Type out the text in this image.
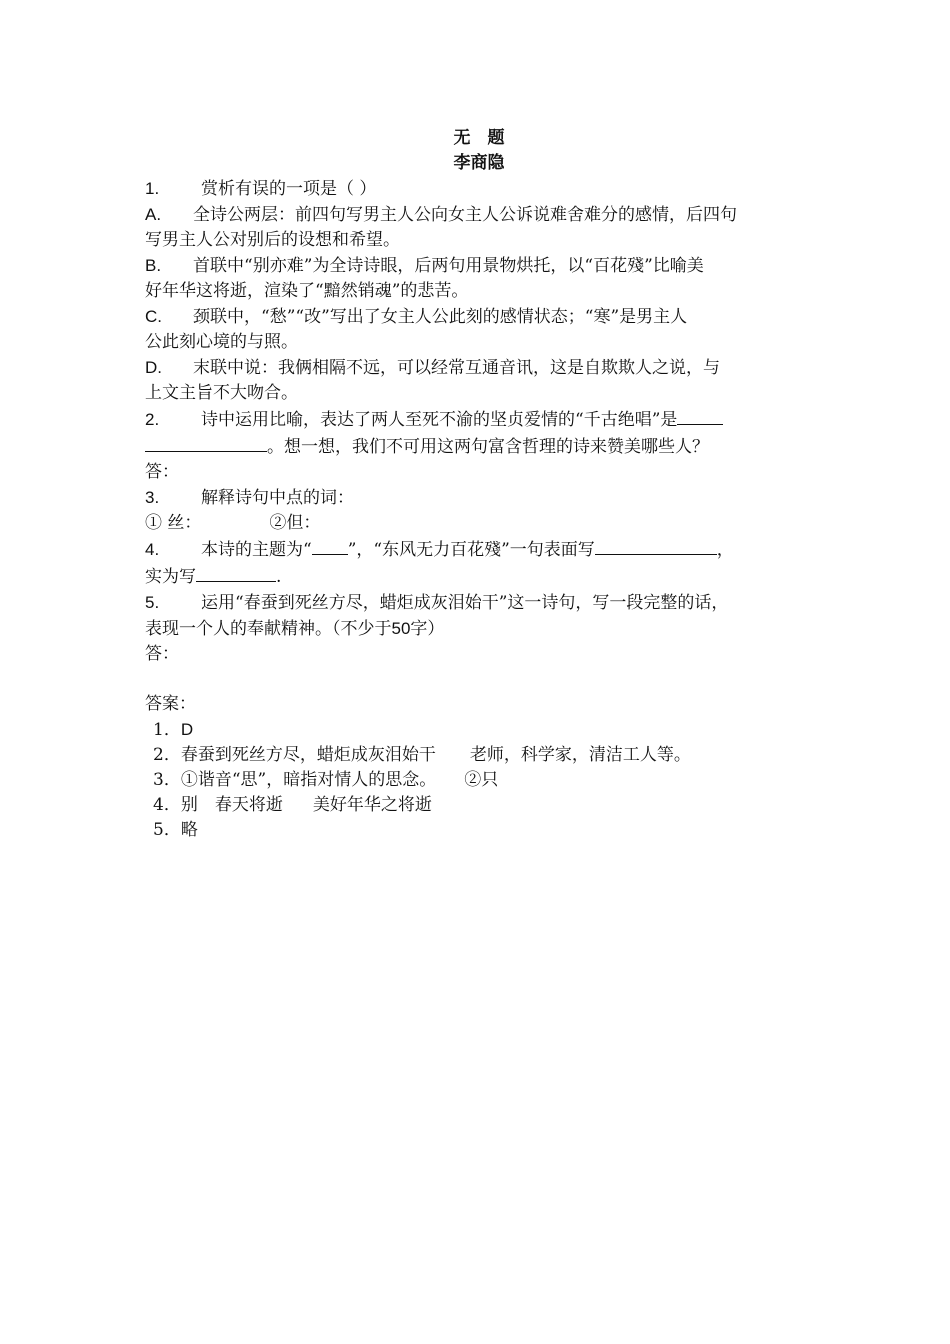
无　题
李商隐
1. 赏析有误的一项是（ ）
A. 全诗公两层：前四句写男主人公向女主人公诉说难舍难分的感情，后四句
写男主人公对别后的设想和希望。
B. 首联中“别亦难”为全诗诗眼，后两句用景物烘托，以“百花殘”比喻美
好年华这将逝，渲染了“黯然销魂”的悲苦。
C. 颈联中，“愁”“改”写出了女主人公此刻的感情状态；“寒”是男主人
公此刻心境的与照。
D. 末联中说：我俩相隔不远，可以经常互通音讯，这是自欺欺人之说，与
上文主旨不大吻合。
2. 诗中运用比喻，表达了两人至死不渝的坚贞爱情的“千古绝唱”是
。想一想，我们不可用这两句富含哲理的诗来赞美哪些人？
答：
3. 解释诗句中点的词：
① 丝：	②但：
4. 本诗的主题为“ ”，“东风无力百花殘”一句表面写	，
实为写	.
5. 运用“春蚕到死丝方尽，蜡炬成灰泪始干”这一诗句，写一段完整的话，
表现一个人的奉献精神。（不少于50字）
答：
答案：
1．D
2．春蚕到死丝方尽，蜡炬成灰泪始干 老师，科学家，清洁工人等。
3．①谐音“思”，暗指对情人的思念。 ②只
4．别　春天将逝 美好年华之将逝
5．略
